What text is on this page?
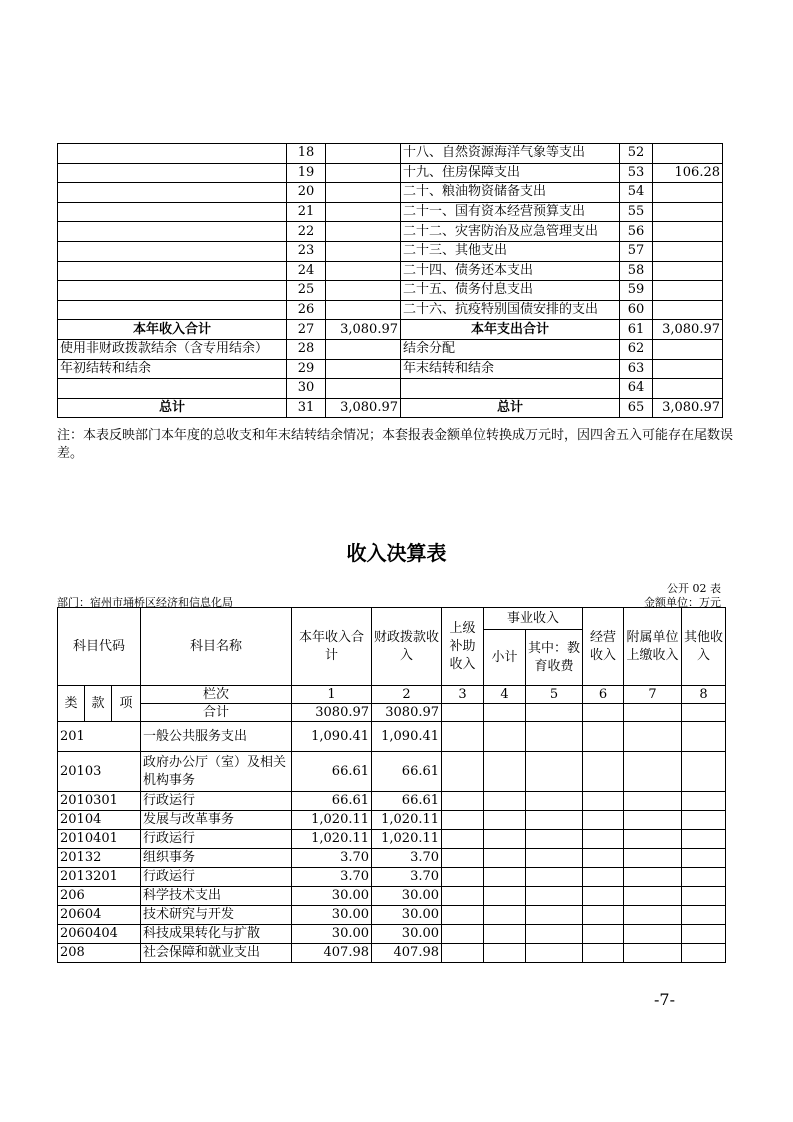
	18		十八、自然资源海洋气象等支出	52	
	19		十九、住房保障支出	53	106.28
	20		二十、粮油物资储备支出	54	
	21		二十一、国有资本经营预算支出	55	
	22		二十二、灾害防治及应急管理支出	56	
	23		二十三、其他支出	57	
	24		二十四、债务还本支出	58	
	25		二十五、债务付息支出	59	
	26		二十六、抗疫特别国债安排的支出	60	
本年收入合计	27	3,080.97	本年支出合计	61	3,080.97
使用非财政拨款结余（含专用结余）	28		结余分配	62	
年初结转和结余	29		年末结转和结余	63	
	30			64	
总计	31	3,080.97	总计	65	3,080.97
注：本表反映部门本年度的总收支和年末结转结余情况；本套报表金额单位转换成万元时，因四舍五入可能存在尾数误差。
收入决算表
公开 02 表
部门：宿州市埇桥区经济和信息化局	金额单位：万元
科目代码			科目名称	本年收入合计	财政拨款收入	上级补助收入	事业收入		经营收入	附属单位上缴收入	其他收入
							小计	其中：教育收费			

类	款	项	栏次	1	2	3	4	5	6	7	8
			合计	3080.97	3080.97						
201			一般公共服务支出	1,090.41	1,090.41						
20103			政府办公厅（室）及相关机构事务	66.61	66.61						
2010301			行政运行	66.61	66.61						
20104			发展与改革事务	1,020.11	1,020.11						
2010401			行政运行	1,020.11	1,020.11						
20132			组织事务	3.70	3.70						
2013201			行政运行	3.70	3.70						
206			科学技术支出	30.00	30.00						
20604			技术研究与开发	30.00	30.00						
2060404			科技成果转化与扩散	30.00	30.00						
208			社会保障和就业支出	407.98	407.98						
-7-
